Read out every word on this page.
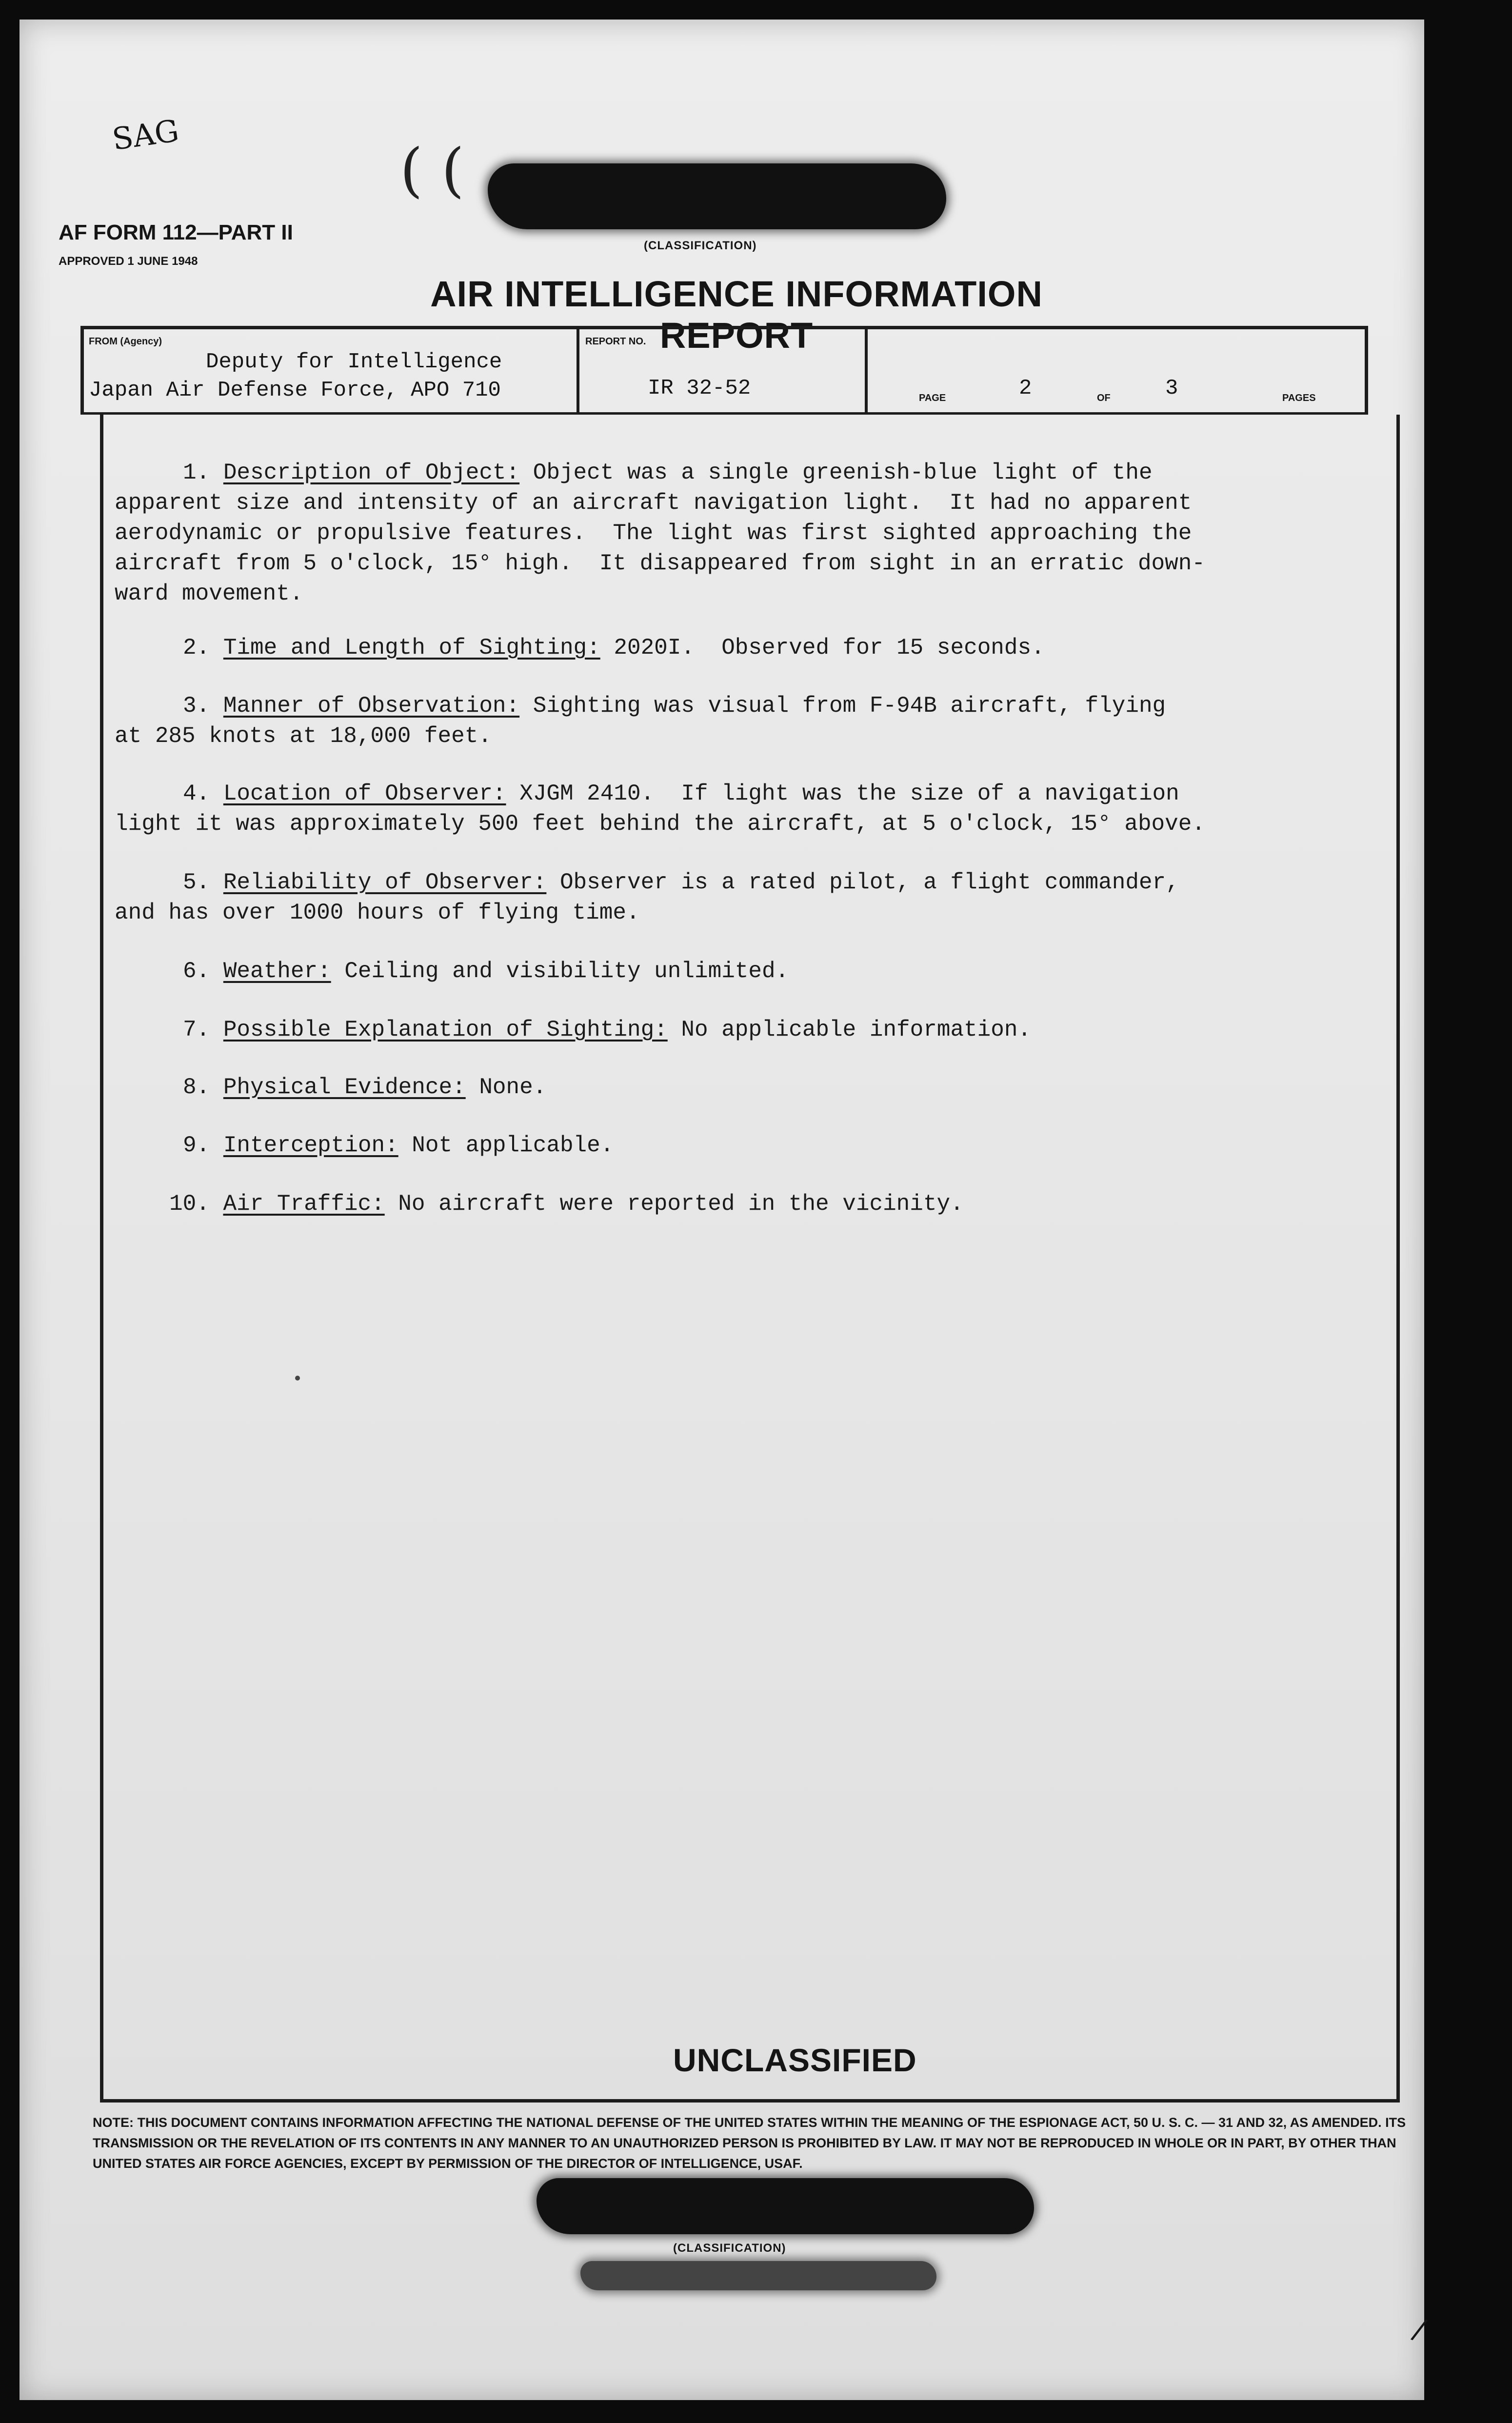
SAG
( (
(CLASSIFICATION)
AF FORM 112—PART II
APPROVED 1 JUNE 1948
AIR INTELLIGENCE INFORMATION REPORT
FROM (Agency)
Deputy for Intelligence
Japan Air Defense Force, APO 710
REPORT NO.
IR 32-52	PAGE	2	OF	3	PAGES
1. Description of Object: Object was a single greenish-blue light of the
apparent size and intensity of an aircraft navigation light.  It had no apparent
aerodynamic or propulsive features.  The light was first sighted approaching the
aircraft from 5 o'clock, 15° high.  It disappeared from sight in an erratic down-
ward movement.
2. Time and Length of Sighting: 2020I.  Observed for 15 seconds.
3. Manner of Observation: Sighting was visual from F-94B aircraft, flying
at 285 knots at 18,000 feet.
4. Location of Observer: XJGM 2410.  If light was the size of a navigation
light it was approximately 500 feet behind the aircraft, at 5 o'clock, 15° above.
5. Reliability of Observer: Observer is a rated pilot, a flight commander,
and has over 1000 hours of flying time.
6. Weather: Ceiling and visibility unlimited.
7. Possible Explanation of Sighting: No applicable information.
8. Physical Evidence: None.
9. Interception: Not applicable.
10. Air Traffic: No aircraft were reported in the vicinity.
UNCLASSIFIED
NOTE: THIS DOCUMENT CONTAINS INFORMATION AFFECTING THE NATIONAL DEFENSE OF THE UNITED STATES WITHIN THE MEANING OF THE ESPIONAGE ACT, 50 U. S. C. — 31 AND 32, AS AMENDED. ITS TRANSMISSION OR THE REVELATION OF ITS CONTENTS IN ANY MANNER TO AN UNAUTHORIZED PERSON IS PROHIBITED BY LAW. IT MAY NOT BE REPRODUCED IN WHOLE OR IN PART, BY OTHER THAN UNITED STATES AIR FORCE AGENCIES, EXCEPT BY PERMISSION OF THE DIRECTOR OF INTELLIGENCE, USAF.
(CLASSIFICATION)
/
